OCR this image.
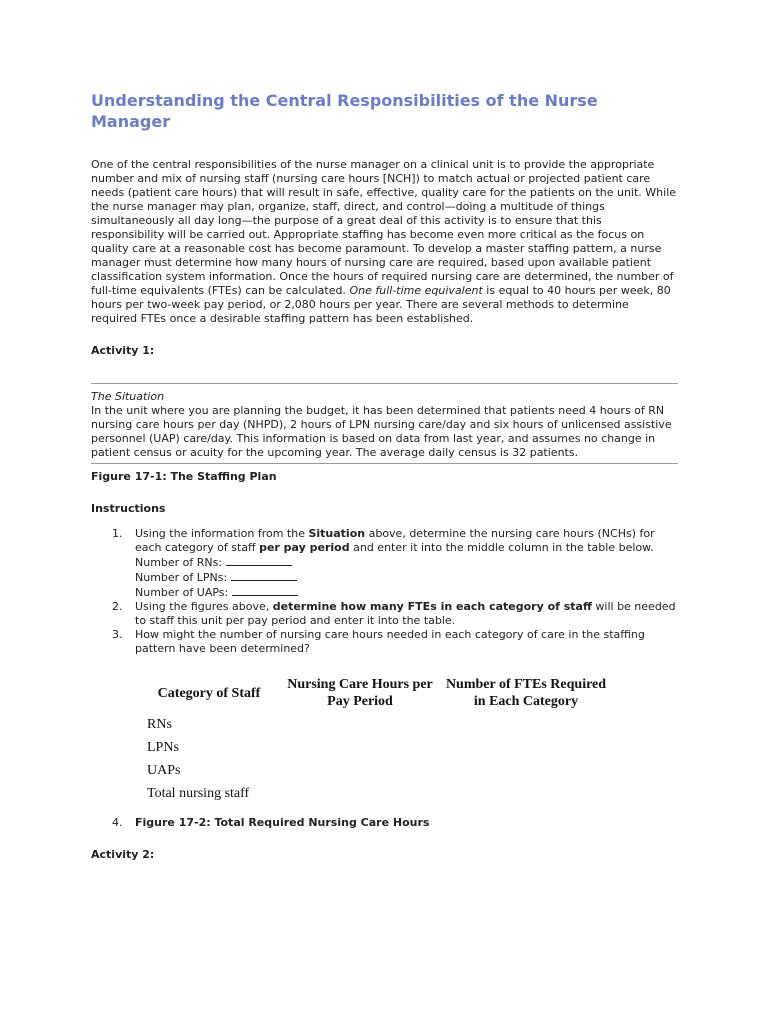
Understanding the Central Responsibilities of the Nurse Manager

One of the central responsibilities of the nurse manager on a clinical unit is to provide the appropriate number and mix of nursing staff (nursing care hours [NCH]) to match actual or projected patient care needs (patient care hours) that will result in safe, effective, quality care for the patients on the unit. While the nurse manager may plan, organize, staff, direct, and control—doing a multitude of things simultaneously all day long—the purpose of a great deal of this activity is to ensure that this responsibility will be carried out. Appropriate staffing has become even more critical as the focus on quality care at a reasonable cost has become paramount. To develop a master staffing pattern, a nurse manager must determine how many hours of nursing care are required, based upon available patient classification system information. Once the hours of required nursing care are determined, the number of full-time equivalents (FTEs) can be calculated. One full-time equivalent is equal to 40 hours per week, 80 hours per two-week pay period, or 2,080 hours per year. There are several methods to determine required FTEs once a desirable staffing pattern has been established.

Activity 1:

The Situation
In the unit where you are planning the budget, it has been determined that patients need 4 hours of RN nursing care hours per day (NHPD), 2 hours of LPN nursing care/day and six hours of unlicensed assistive personnel (UAP) care/day. This information is based on data from last year, and assumes no change in patient census or acuity for the upcoming year. The average daily census is 32 patients.

Figure 17-1: The Staffing Plan

Instructions

1. Using the information from the Situation above, determine the nursing care hours (NCHs) for each category of staff per pay period and enter it into the middle column in the table below.
Number of RNs:
Number of LPNs:
Number of UAPs:
2. Using the figures above, determine how many FTEs in each category of staff will be needed to staff this unit per pay period and enter it into the table.
3. How might the number of nursing care hours needed in each category of care in the staffing pattern have been determined?
Category of Staff	Nursing Care Hours per Pay Period	Number of FTEs Required in Each Category
RNs		
LPNs		
UAPs		
Total nursing staff		
4. Figure 17-2: Total Required Nursing Care Hours

Activity 2:
